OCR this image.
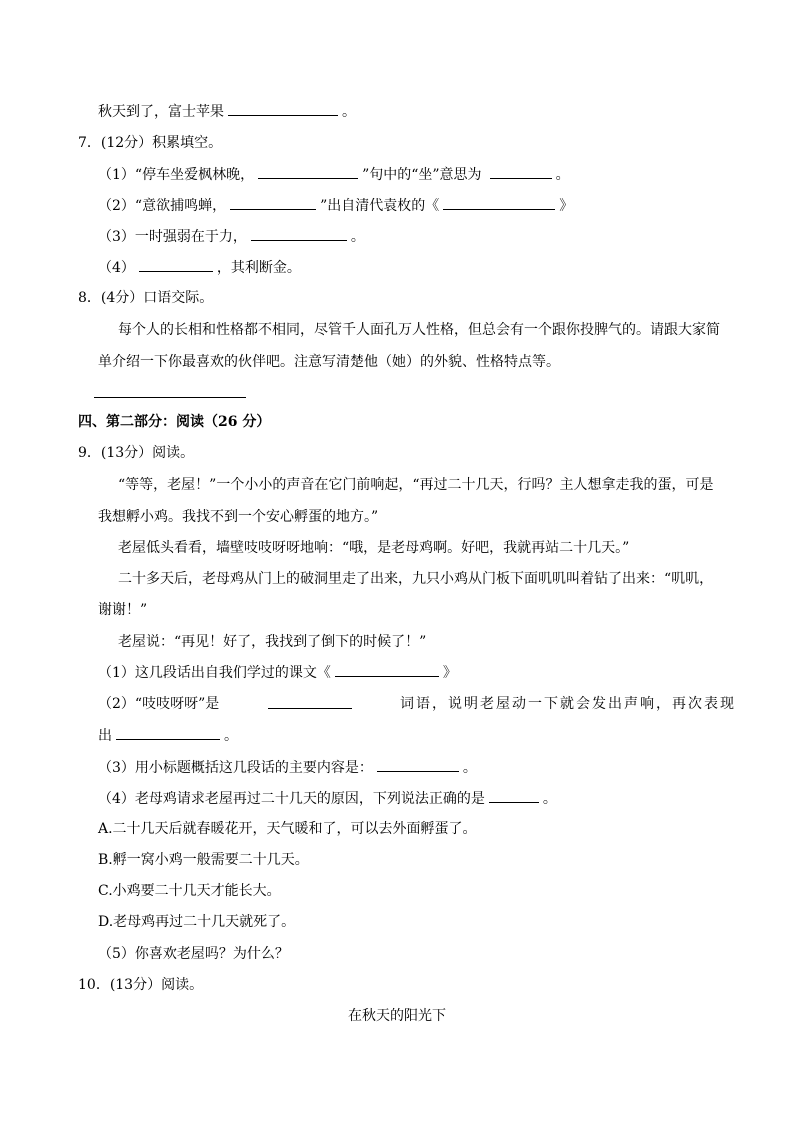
秋天到了，富士苹果	。
7．(12分）积累填空。
（1）“停车坐爱枫林晚，	”句中的“坐”意思为	。
（2）“意欲捕鸣蝉，	”出自清代袁枚的《	》
（3）一时强弱在于力，	。
（4）	，其利断金。
8．(4分）口语交际。
每个人的长相和性格都不相同，尽管千人面孔万人性格，但总会有一个跟你投脾气的。请跟大家简
单介绍一下你最喜欢的伙伴吧。注意写清楚他（她）的外貌、性格特点等。
四、第二部分：阅读（26 分）
9．(13分）阅读。
“等等，老屋！”一个小小的声音在它门前响起，“再过二十几天，行吗？主人想拿走我的蛋，可是
我想孵小鸡。我找不到一个安心孵蛋的地方。”
老屋低头看看，墙壁吱吱呀呀地响：“哦，是老母鸡啊。好吧，我就再站二十几天。”
二十多天后，老母鸡从门上的破洞里走了出来，九只小鸡从门板下面叽叽叫着钻了出来：“叽叽，
谢谢！”
老屋说：“再见！好了，我找到了倒下的时候了！”
（1）这几段话出自我们学过的课文《	》
（2）“吱吱呀呀”是	词语，说明老屋动一下就会发出声响，再次表现
出	。
（3）用小标题概括这几段话的主要内容是：	。
（4）老母鸡请求老屋再过二十几天的原因，下列说法正确的是	。
A.二十几天后就春暖花开，天气暖和了，可以去外面孵蛋了。
B.孵一窝小鸡一般需要二十几天。
C.小鸡要二十几天才能长大。
D.老母鸡再过二十几天就死了。
（5）你喜欢老屋吗？为什么？
10．(13分）阅读。
在秋天的阳光下
